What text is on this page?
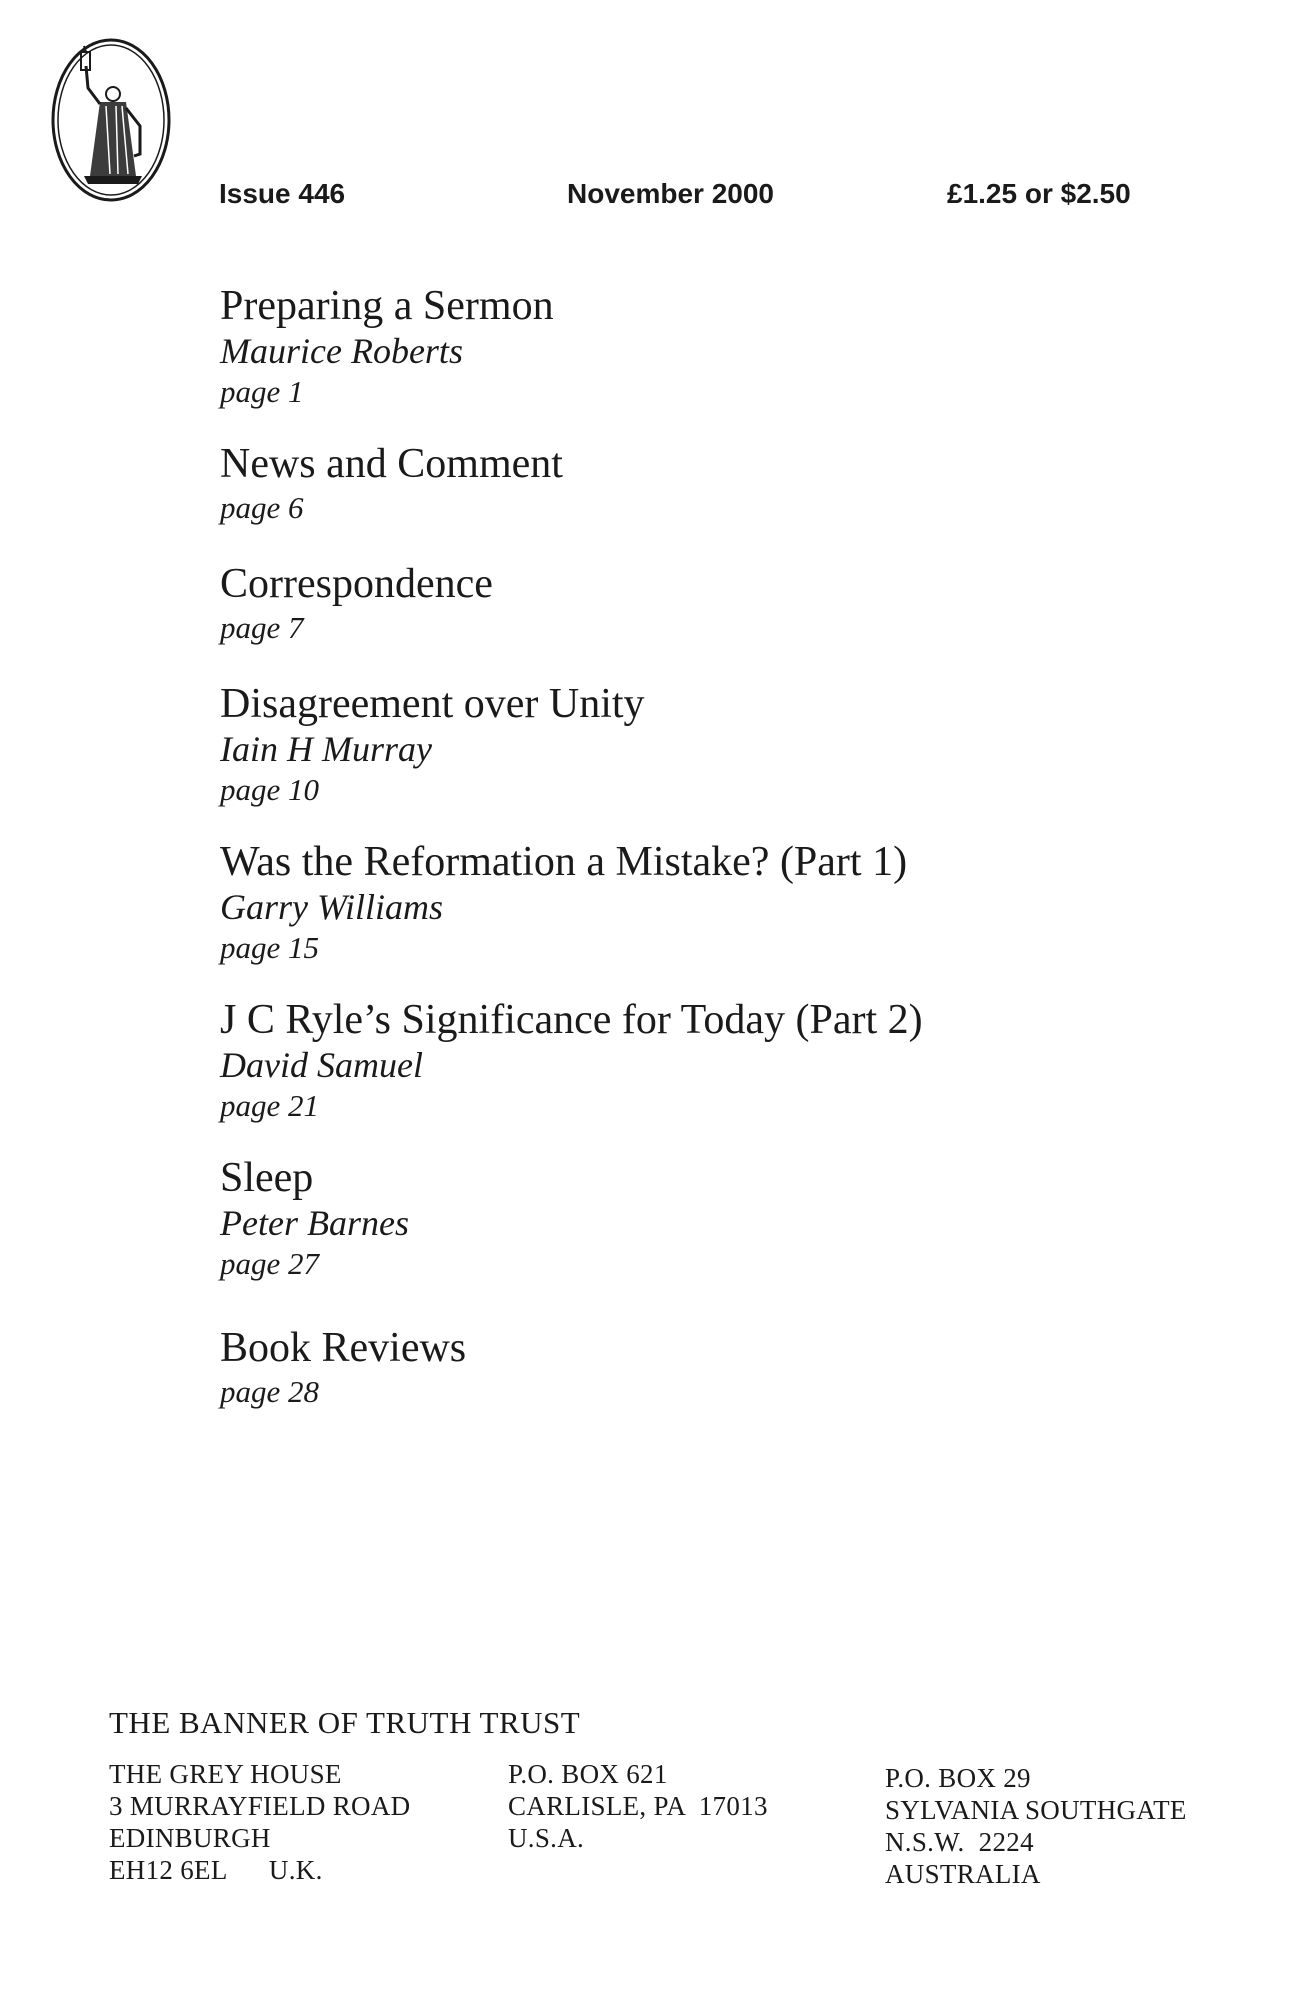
Issue 446	November 2000	£1.25 or $2.50
Preparing a Sermon
Maurice Roberts
page 1
News and Comment
page 6
Correspondence
page 7
Disagreement over Unity
Iain H Murray
page 10
Was the Reformation a Mistake? (Part 1)
Garry Williams
page 15
J C Ryle’s Significance for Today (Part 2)
David Samuel
page 21
Sleep
Peter Barnes
page 27
Book Reviews
page 28
THE BANNER OF TRUTH TRUST
THE GREY HOUSE
3 MURRAYFIELD ROAD
EDINBURGH
EH12 6EL      U.K.
P.O. BOX 621
CARLISLE, PA  17013
U.S.A.
P.O. BOX 29
SYLVANIA SOUTHGATE
N.S.W.  2224
AUSTRALIA
